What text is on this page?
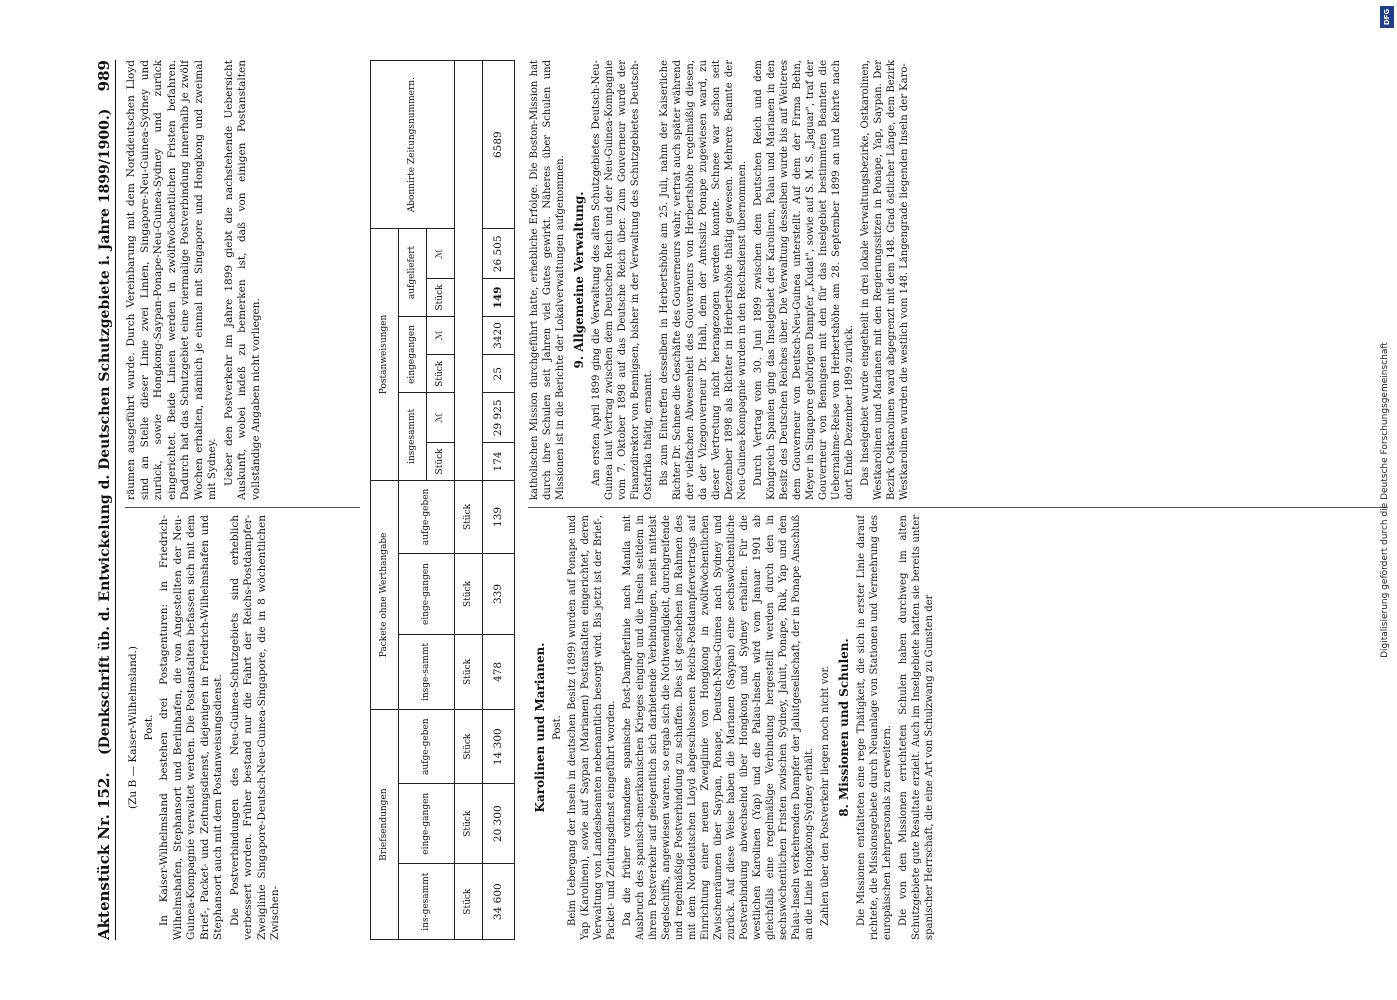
Aktenstück Nr. 152.
(Denkschrift üb. d. Entwickelung d. Deutschen Schutzgebiete i. Jahre 1899/1900.)
989

(Zu B — Kaiser-Wilhelmsland.) Post. In Kaiser-Wilhelmsland bestehen drei Postagenturen: in Friedrich-Wilhelmshafen, Stephansort und Berlinhafen, die von Angestellten der Neu-Guinea-Kompagnie verwaltet werden. Die Postanstalten befassen sich mit dem Brief-, Packet- und Zeitungsdienst, diejenigen in Friedrich-Wilhelmshafen und Stephansort auch mit dem Postanweisungsdienst. Die Postverbindungen des Neu-Guinea-Schutzgebiets sind erheblich verbessert worden. Früher bestand nur die Fahrt der Reichs-Postdampfer-Zweiglinie Singapore-Deutsch-Neu-Guinea-Singapore, die in 8 wöchentlichen Zwischen-

räumen ausgeführt wurde. Durch Vereinbarung mit dem Norddeutschen Lloyd sind an Stelle dieser Linie zwei Linien, Singapore-Neu-Guinea-Sydney und zurück, sowie Hongkong-Saypan-Ponape-Neu-Guinea-Sydney und zurück eingerichtet. Beide Linien werden in zwölfwöchentlichen Fristen befahren. Dadurch hat das Schutzgebiet eine viermalige Postverbindung innerhalb je zwölf Wochen erhalten, nämlich je einmal mit Singapore und Hongkong und zweimal mit Sydney. Ueber den Postverkehr im Jahre 1899 giebt die nachstehende Uebersicht Auskunft, wobei indeß zu bemerken ist, daß von einigen Postanstalten vollständige Angaben nicht vorliegen.

Briefsendungen			Packete ohne Werthangabe			Postanweisungen						Abonnirte Zeitungsnummern.
ins-gesammt	einge-gangen	aufge-geben	insge-sammt	einge-gangen	aufge-geben	insgesammt		eingegangen		aufgeliefert		
						Stück	ℳ	Stück	ℳ	Stück	ℳ	
Stück	Stück	Stück	Stück	Stück	Stück							
34 600	20 300	14 300	478	339	139	174	29 925	25	3420	149	26 505	6589

Karolinen und Marianen. Post. Beim Uebergang der Inseln in deutschen Besitz (1899) wurden auf Ponape und Yap (Karolinen), sowie auf Saypan (Marianen) Postanstalten eingerichtet, deren Verwaltung von Landesbeamten nebenamtlich besorgt wird. Bis jetzt ist der Brief-, Packet- und Zeitungsdienst eingeführt worden. Da die früher vorhandene spanische Post-Dampferlinie nach Manila mit Ausbruch des spanisch-amerikanischen Krieges einging und die Inseln seitdem in ihrem Postverkehr auf gelegentlich sich darbietende Verbindungen, meist mittelst Segelschiffs, angewiesen waren, so ergab sich die Nothwendigkeit, durchgreifende und regelmäßige Postverbindung zu schaffen. Dies ist geschehen im Rahmen des mit dem Norddeutschen Lloyd abgeschlossenen Reichs-Postdampfervertrags auf Einrichtung einer neuen Zweiglinie von Hongkong in zwölfwöchentlichen Zwischenräumen über Saypan, Ponape, Deutsch-Neu-Guinea nach Sydney und zurück. Auf diese Weise haben die Marianen (Saypan) eine sechswöchentliche Postverbindung abwechselnd über Hongkong und Sydney erhalten. Für die westlichen Karolinen (Yap) und die Palau-Inseln wird vom Januar 1901 ab gleichfalls eine regelmäßige Verbindung hergestellt werden durch den in sechswöchentlichen Fristen zwischen Sydney, Jaluit, Ponape, Ruk, Yap und den Palau-Inseln verkehrenden Dampfer der Jaluitgesellschaft, der in Ponape Anschluß an die Linie Hongkong-Sydney erhält. Zahlen über den Postverkehr liegen noch nicht vor. 8. Missionen und Schulen. Die Missionen entfalteten eine rege Thätigkeit, die sich in erster Linie darauf richtete, die Missionsgebiete durch Neuanlage von Stationen und Vermehrung des europäischen Lehrpersonals zu erweitern. Die von den Missionen errichteten Schulen haben durchweg im alten Schutzgebiete gute Resultate erzielt. Auch im Inselgebiete hatten sie bereits unter spanischer Herrschaft, die eine Art von Schulzwang zu Gunsten der

katholischen Mission durchgeführt hatte, erhebliche Erfolge. Die Boston-Mission hat durch ihre Schulen seit Jahren viel Gutes gewirkt. Näheres über Schulen und Missionen ist in die Berichte der Lokalverwaltungen aufgenommen. 9. Allgemeine Verwaltung. Am ersten April 1899 ging die Verwaltung des alten Schutzgebietes Deutsch-Neu-Guinea laut Vertrag zwischen dem Deutschen Reich und der Neu-Guinea-Kompagnie vom 7. Oktober 1898 auf das Deutsche Reich über. Zum Gouverneur wurde der Finanzdirektor von Bennigsen, bisher in der Verwaltung des Schutzgebietes Deutsch-Ostafrika thätig, ernannt. Bis zum Eintreffen desselben in Herbertshöhe am 25. Juli, nahm der Kaiserliche Richter Dr. Schnee die Geschäfte des Gouverneurs wahr, vertrat auch später während der vielfachen Abwesenheit des Gouverneurs von Herbertshöhe regelmäßig diesen, da der Vizegouverneur Dr. Hahl, dem der Amtssitz Ponape zugewiesen ward, zu dieser Vertretung nicht herangezogen werden konnte. Schnee war schon seit Dezember 1898 als Richter in Herbertshöhe thätig gewesen. Mehrere Beamte der Neu-Guinea-Kompagnie wurden in den Reichsdienst übernommen. Durch Vertrag vom 30. Juni 1899 zwischen dem Deutschen Reich und dem Königreich Spanien ging das Inselgebiet der Karolinen, Palau und Marianen in den Besitz des Deutschen Reiches über. Die Verwaltung desselben wurde bis auf Weiteres dem Gouverneur von Deutsch-Neu-Guinea unterstellt. Auf dem der Firma Behn, Meyer in Singapore gehörigen Dampfer „Kudat", sowie auf S. M. S. „Jaguar", traf der Gouverneur von Bennigsen mit den für das Inselgebiet bestimmten Beamten die Uebernahme-Reise von Herbertshöhe am 28. September 1899 an und kehrte nach dort Ende Dezember 1899 zurück. Das Inselgebiet wurde eingetheilt in drei lokale Verwaltungsbezirke, Ostkarolinen, Westkarolinen und Marianen mit den Regierungssitzen in Ponape, Yap, Saypan. Der Bezirk Ostkarolinen ward abgegrenzt mit dem 148. Grad östlicher Länge, dem Bezirk Westkarolinen wurden die westlich vom 148. Längengrade liegenden Inseln der Karo-	Digitalisierung gefördert durch die Deutsche Forschungsgemeinschaft
DFG
